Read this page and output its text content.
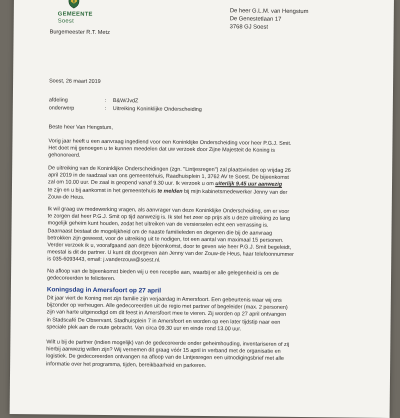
GEMEENTE
Soest
Burgemeester R.T. Metz
De heer G.L.M. van Hengstum
De Genestetlaan 17
3768 GJ Soest
Soest, 26 maart 2019
afdeling	: B&W/JvdZ
onderwerp	: Uitreiking Koninklijke Onderscheiding
Beste heer Van Hengstum,
Vorig jaar heeft u een aanvraag ingediend voor een Koninklijke Onderscheiding voor heer P.G.J. Smit.
Het doet mij genoegen u te kunnen meedelen dat uw verzoek door Zijne Majesteit de Koning is
gehonoreerd.
De uitreiking van de Koninklijke Onderscheidingen (zgn. "Lintjesregen") zal plaatsvinden op vrijdag 26
april 2019 in de raadzaal van ons gemeentehuis, Raadhuisplein 1, 3762 AV te Soest. De bijeenkomst
zal om 10.00 uur. De zaal is geopend vanaf 9.30 uur. Ik verzoek u om uiterlijk 9.45 uur aanwezig
te zijn en u bij aankomst in het gemeentehuis te melden bij mijn kabinetsmedewerker Jenny van der
Zouw-de Heus.
Ik wil graag uw medewerking vragen, als aanvrager van deze Koninklijke Onderscheiding, om er voor
te zorgen dat heer P.G.J. Smit op tijd aanwezig is. Ik stel het zeer op prijs als u deze uitreiking zo lang
mogelijk geheim kunt houden, zodat het uitreiken van de versierselen echt een verrassing is.
Daarnaast bestaat de mogelijkheid om de naaste familieleden en degenen die bij de aanvraag
betrokken zijn geweest, voor de uitreiking uit te nodigen, tot een aantal van maximaal 15 personen.
Verder verzoek ik u, voorafgaand aan deze bijeenkomst, door te geven wie heer P.G.J. Smit begeleidt,
meestal is dit de partner. U kunt dit doorgeven aan Jenny van der Zouw-de Heus, haar telefoonnummer
is 035-6093443, email: j.vanderzouw@soest.nl.
Na afloop van de bijeenkomst bieden wij u een receptie aan, waarbij er alle gelegenheid is om de
gedecoreerden te feliciteren.
Koningsdag in Amersfoort op 27 april
Dit jaar viert de Koning met zijn familie zijn verjaardag in Amersfoort. Een gebeurtenis waar wij ons
bijzonder op verheugen. Alle gedecoreerden uit de regio met partner of begeleider (max. 2 personen)
zijn van harte uitgenodigd om dit feest in Amersfoort mee te vieren. Zij worden op 27 april ontvangen
in Stadscafé De Observant, Stadhuisplein 7 in Amersfoort en worden op een later tijdstip naar een
speciale plek aan de route gebracht. Van circa 09.30 uur en einde rond 13.00 uur.
Wilt u bij de partner (indien mogelijk) van de gedecoreerde onder geheimhouding, inventariseren of zij
hierbij aanwezig willen zijn? Wij vernemen dit graag vóór 15 april in verband met de organisatie en
logistiek. De gedecoreerden ontvangen na afloop van de Lintjesregen een uitnodigingsbrief met alle
informatie over het programma, tijden, bereikbaarheid en parkeren.
